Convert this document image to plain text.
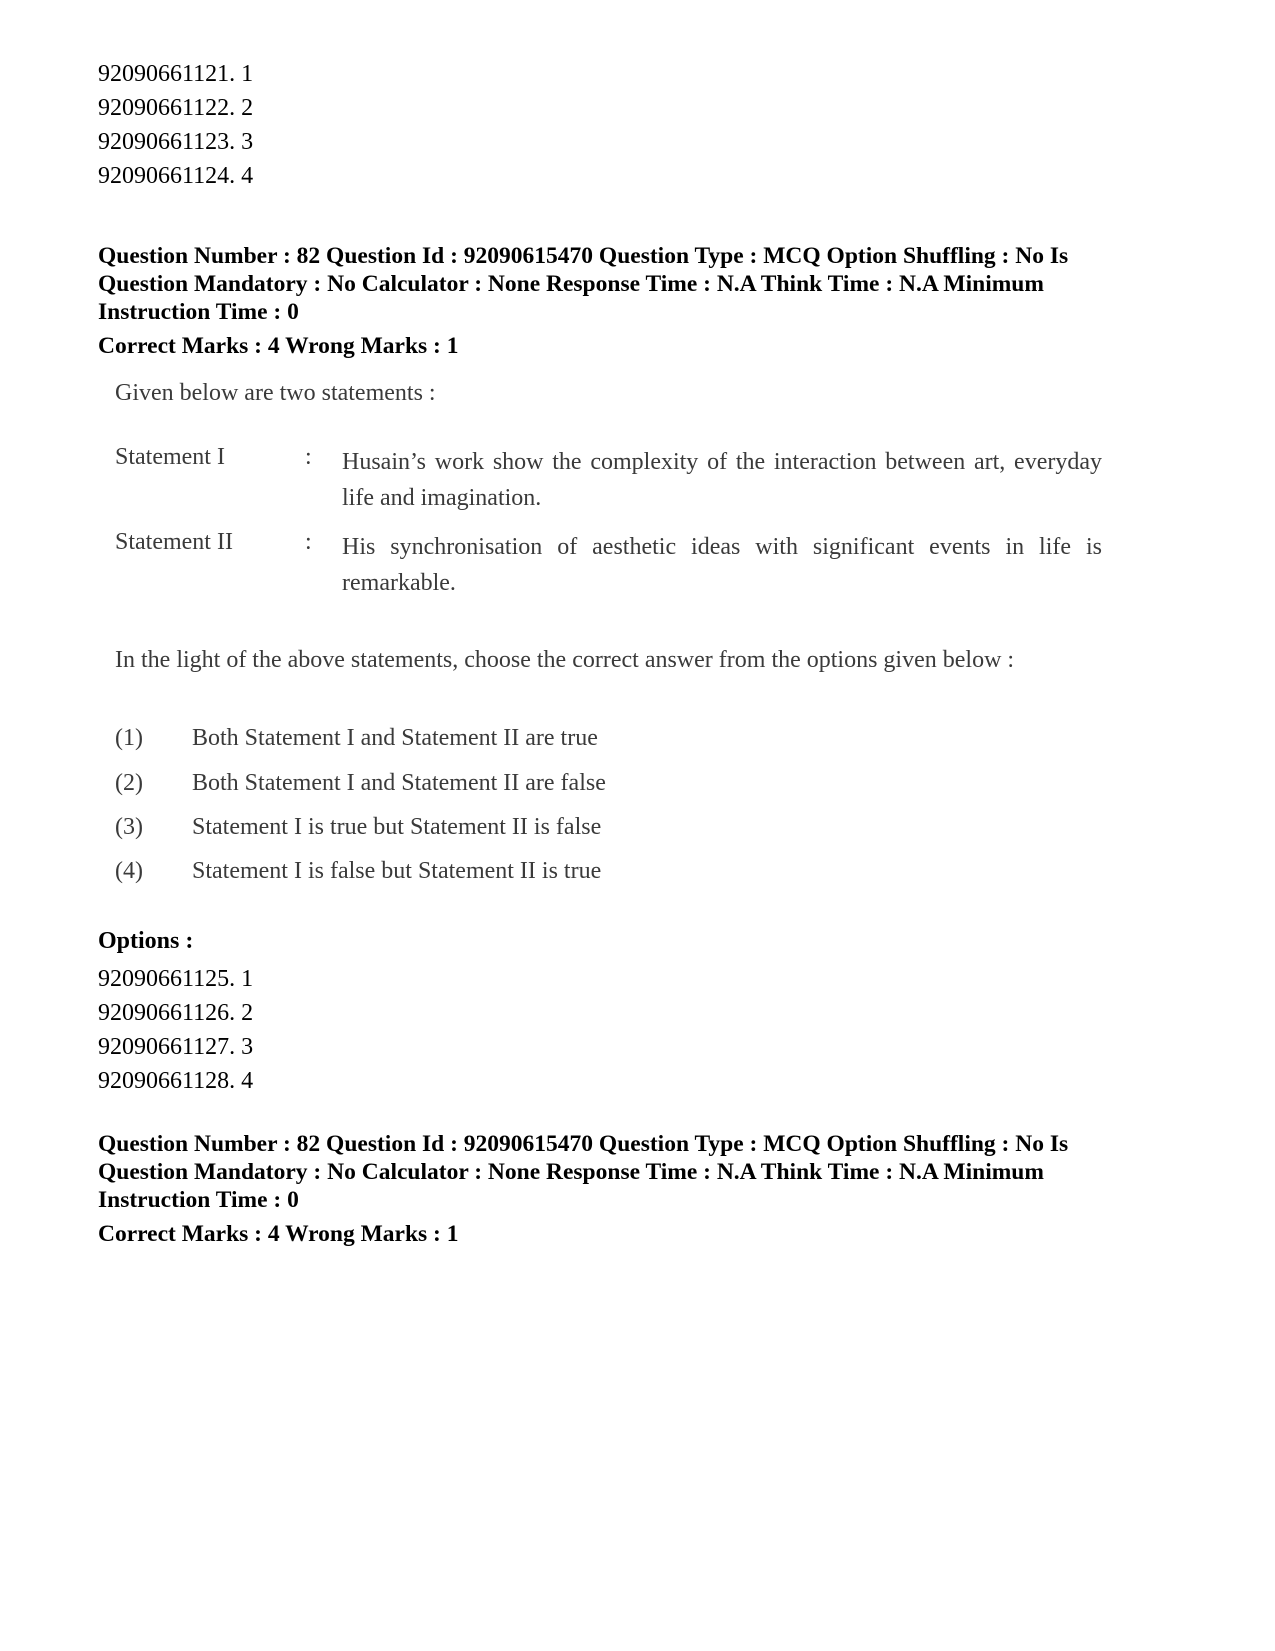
92090661121. 1
92090661122. 2
92090661123. 3
92090661124. 4

Question Number : 82 Question Id : 92090615470 Question Type : MCQ Option Shuffling : No Is

Question Mandatory : No Calculator : None Response Time : N.A Think Time : N.A Minimum

Instruction Time : 0

Correct Marks : 4 Wrong Marks : 1

Given below are two statements :
Statement I	: Husain’s work show the complexity of the interaction between art, everyday life and imagination.
Statement II	: His synchronisation of aesthetic ideas with significant events in life is remarkable.
In the light of the above statements, choose the correct answer from the options given below :
(1) Both Statement I and Statement II are true
(2) Both Statement I and Statement II are false
(3) Statement I is true but Statement II is false
(4) Statement I is false but Statement II is true
Options :
92090661125. 1
92090661126. 2
92090661127. 3
92090661128. 4

Question Number : 82 Question Id : 92090615470 Question Type : MCQ Option Shuffling : No Is

Question Mandatory : No Calculator : None Response Time : N.A Think Time : N.A Minimum

Instruction Time : 0

Correct Marks : 4 Wrong Marks : 1
